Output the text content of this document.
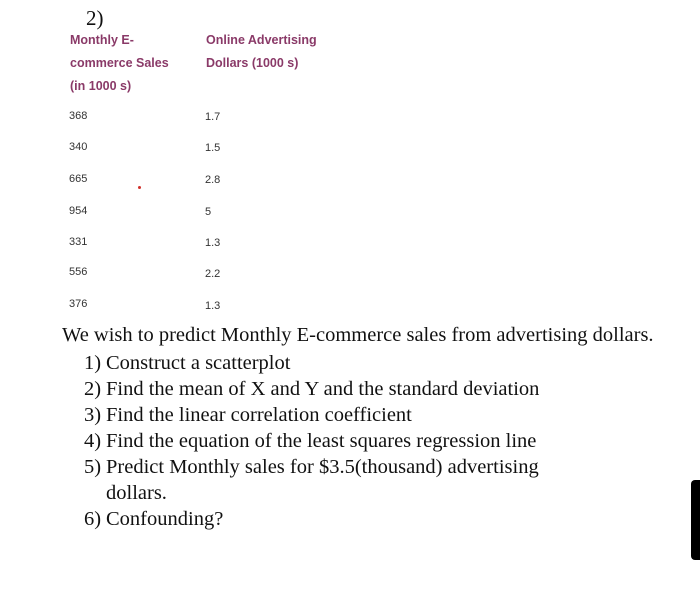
2)
Monthly E-
commerce Sales
(in 1000 s)
Online Advertising
Dollars (1000 s)
368	1.7
340	1.5
665	2.8
954	5
331	1.3
556	2.2
376	1.3

We wish to predict Monthly E-commerce sales from advertising dollars.

1) Construct a scatterplot
2) Find the mean of X and Y and the standard deviation
3) Find the linear correlation coefficient
4) Find the equation of the least squares regression line
5) Predict Monthly sales for $3.5(thousand) advertising dollars.
6) Confounding?
